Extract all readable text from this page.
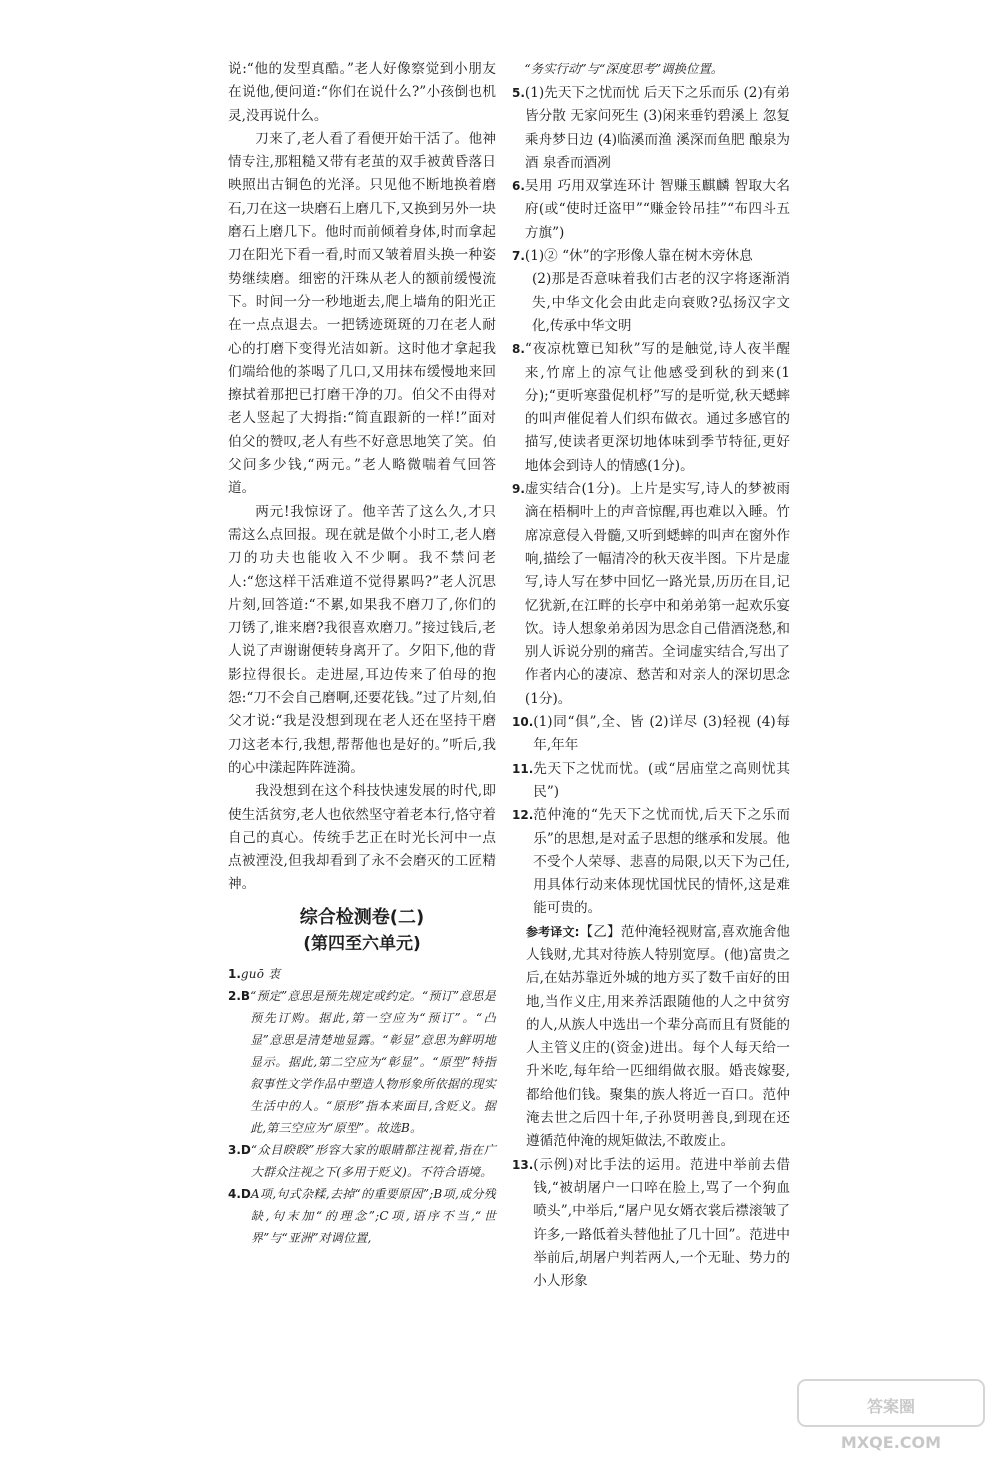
说:“他的发型真酷。”老人好像察觉到小朋友在说他,便问道:“你们在说什么?”小孩倒也机灵,没再说什么。

刀来了,老人看了看便开始干活了。他神情专注,那粗糙又带有老茧的双手被黄昏落日映照出古铜色的光泽。只见他不断地换着磨石,刀在这一块磨石上磨几下,又换到另外一块磨石上磨几下。他时而前倾着身体,时而拿起刀在阳光下看一看,时而又皱着眉头换一种姿势继续磨。细密的汗珠从老人的额前缓慢流下。时间一分一秒地逝去,爬上墙角的阳光正在一点点退去。一把锈迹斑斑的刀在老人耐心的打磨下变得光洁如新。这时他才拿起我们端给他的茶喝了几口,又用抹布缓慢地来回擦拭着那把已打磨干净的刀。伯父不由得对老人竖起了大拇指:“简直跟新的一样!”面对伯父的赞叹,老人有些不好意思地笑了笑。伯父问多少钱,“两元。”老人略微喘着气回答道。

两元!我惊讶了。他辛苦了这么久,才只需这么点回报。现在就是做个小时工,老人磨刀的功夫也能收入不少啊。我不禁问老人:“您这样干活难道不觉得累吗?”老人沉思片刻,回答道:“不累,如果我不磨刀了,你们的刀锈了,谁来磨?我很喜欢磨刀。”接过钱后,老人说了声谢谢便转身离开了。夕阳下,他的背影拉得很长。走进屋,耳边传来了伯母的抱怨:“刀不会自己磨啊,还要花钱。”过了片刻,伯父才说:“我是没想到现在老人还在坚持干磨刀这老本行,我想,帮帮他也是好的。”听后,我的心中漾起阵阵涟漪。

我没想到在这个科技快速发展的时代,即使生活贫穷,老人也依然坚守着老本行,恪守着自己的真心。传统手艺正在时光长河中一点点被湮没,但我却看到了永不会磨灭的工匠精神。

综合检测卷(二)
(第四至六单元)
1. guō 衷
2.B “预定”意思是预先规定或约定。“预订”意思是预先订购。据此,第一空应为“预订”。“凸显”意思是清楚地显露。“彰显”意思为鲜明地显示。据此,第二空应为“彰显”。“原型”特指叙事性文学作品中塑造人物形象所依据的现实生活中的人。“原形”指本来面目,含贬义。据此,第三空应为“原型”。故选B。
3.D “众目睽睽”形容大家的眼睛都注视着,指在广大群众注视之下(多用于贬义)。不符合语境。
4.D A项,句式杂糅,去掉“的重要原因”;B项,成分残缺,句末加“的理念”;C项,语序不当,“世界”与“亚洲”对调位置,

“务实行动”与“深度思考”调换位置。

5. (1)先天下之忧而忧 后天下之乐而乐 (2)有弟皆分散 无家问死生 (3)闲来垂钓碧溪上 忽复乘舟梦日边 (4)临溪而渔 溪深而鱼肥 酿泉为酒 泉香而酒冽
6. 吴用 巧用双掌连环计 智赚玉麒麟 智取大名府(或“使时迁盗甲”“赚金铃吊挂”“布四斗五方旗”)
7. (1)② “休”的字形像人靠在树木旁休息
(2)那是否意味着我们古老的汉字将逐渐消失,中华文化会由此走向衰败?弘扬汉字文化,传承中华文明
8. “夜凉枕簟已知秋”写的是触觉,诗人夜半醒来,竹席上的凉气让他感受到秋的到来(1分);“更听寒蛩促机杼”写的是听觉,秋天蟋蟀的叫声催促着人们织布做衣。通过多感官的描写,使读者更深切地体味到季节特征,更好地体会到诗人的情感(1分)。
9. 虚实结合(1分)。上片是实写,诗人的梦被雨滴在梧桐叶上的声音惊醒,再也难以入睡。竹席凉意侵入骨髓,又听到蟋蟀的叫声在窗外作响,描绘了一幅清冷的秋天夜半图。下片是虚写,诗人写在梦中回忆一路光景,历历在目,记忆犹新,在江畔的长亭中和弟弟第一起欢乐宴饮。诗人想象弟弟因为思念自己借酒浇愁,和别人诉说分别的痛苦。全词虚实结合,写出了作者内心的凄凉、愁苦和对亲人的深切思念(1分)。
10. (1)同“俱”,全、皆 (2)详尽 (3)轻视 (4)每年,年年
11. 先天下之忧而忧。(或“居庙堂之高则忧其民”)
12. 范仲淹的“先天下之忧而忧,后天下之乐而乐”的思想,是对孟子思想的继承和发展。他不受个人荣辱、悲喜的局限,以天下为己任,用具体行动来体现忧国忧民的情怀,这是难能可贵的。

参考译文:【乙】范仲淹轻视财富,喜欢施舍他人钱财,尤其对待族人特别宽厚。(他)富贵之后,在姑苏靠近外城的地方买了数千亩好的田地,当作义庄,用来养活跟随他的人之中贫穷的人,从族人中选出一个辈分高而且有贤能的人主管义庄的(资金)进出。每个人每天给一升米吃,每年给一匹细绢做衣服。婚丧嫁娶,都给他们钱。聚集的族人将近一百口。范仲淹去世之后四十年,子孙贤明善良,到现在还遵循范仲淹的规矩做法,不敢废止。

13. (示例)对比手法的运用。范进中举前去借钱,“被胡屠户一口啐在脸上,骂了一个狗血喷头”,中举后,“屠户见女婿衣裳后襟滚皱了许多,一路低着头替他扯了几十回”。范进中举前后,胡屠户判若两人,一个无耻、势力的小人形象
答案圈
MXQE.COM
